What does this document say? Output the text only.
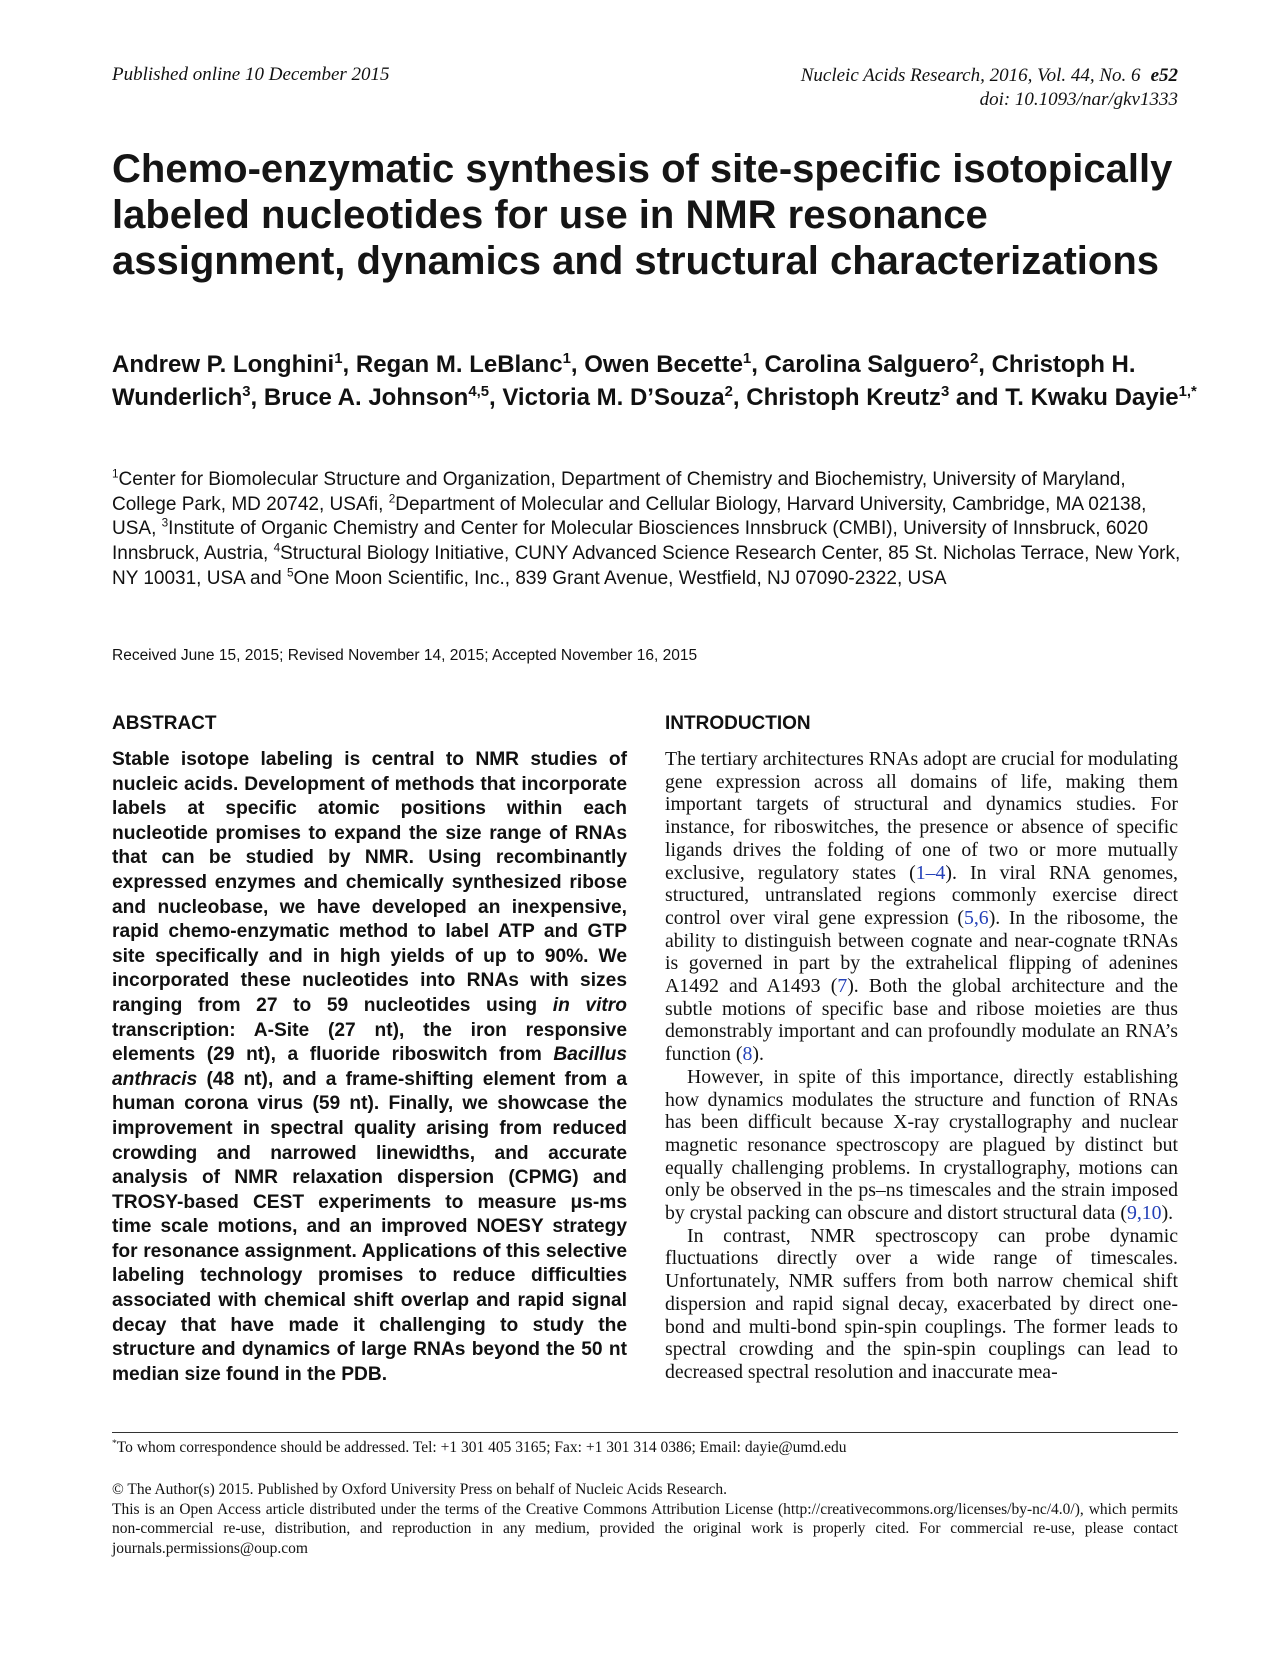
Published online 10 December 2015	Nucleic Acids Research, 2016, Vol. 44, No. 6 e52
doi: 10.1093/nar/gkv1333
Chemo-enzymatic synthesis of site-specific isotopically labeled nucleotides for use in NMR resonance assignment, dynamics and structural characterizations
Andrew P. Longhini$^1$, Regan M. LeBlanc$^1$, Owen Becette$^1$, Carolina Salguero$^2$, Christoph H. Wunderlich$^3$, Bruce A. Johnson$^{4,5}$, Victoria M. D’Souza$^2$, Christoph Kreutz$^3$ and T. Kwaku Dayie$^{1,*}$
$^1$Center for Biomolecular Structure and Organization, Department of Chemistry and Biochemistry, University of Maryland, College Park, MD 20742, USAfi, $^2$Department of Molecular and Cellular Biology, Harvard University, Cambridge, MA 02138, USA, $^3$Institute of Organic Chemistry and Center for Molecular Biosciences Innsbruck (CMBI), University of Innsbruck, 6020 Innsbruck, Austria, $^4$Structural Biology Initiative, CUNY Advanced Science Research Center, 85 St. Nicholas Terrace, New York, NY 10031, USA and $^5$One Moon Scientific, Inc., 839 Grant Avenue, Westfield, NJ 07090-2322, USA
Received June 15, 2015; Revised November 14, 2015; Accepted November 16, 2015
ABSTRACT
Stable isotope labeling is central to NMR studies of nucleic acids. Development of methods that incorporate labels at specific atomic positions within each nucleotide promises to expand the size range of RNAs that can be studied by NMR. Using recombinantly expressed enzymes and chemically synthesized ribose and nucleobase, we have developed an inexpensive, rapid chemo-enzymatic method to label ATP and GTP site specifically and in high yields of up to 90%. We incorporated these nucleotides into RNAs with sizes ranging from 27 to 59 nucleotides using in vitro transcription: A-Site (27 nt), the iron responsive elements (29 nt), a fluoride riboswitch from Bacillus anthracis (48 nt), and a frame-shifting element from a human corona virus (59 nt). Finally, we showcase the improvement in spectral quality arising from reduced crowding and narrowed linewidths, and accurate analysis of NMR relaxation dispersion (CPMG) and TROSY-based CEST experiments to measure μs-ms time scale motions, and an improved NOESY strategy for resonance assignment. Applications of this selective labeling technology promises to reduce difficulties associated with chemical shift overlap and rapid signal decay that have made it challenging to study the structure and dynamics of large RNAs beyond the 50 nt median size found in the PDB.
INTRODUCTION

The tertiary architectures RNAs adopt are crucial for modulating gene expression across all domains of life, making them important targets of structural and dynamics studies. For instance, for riboswitches, the presence or absence of specific ligands drives the folding of one of two or more mutually exclusive, regulatory states (1–4). In viral RNA genomes, structured, untranslated regions commonly exercise direct control over viral gene expression (5,6). In the ribosome, the ability to distinguish between cognate and near-cognate tRNAs is governed in part by the extrahelical flipping of adenines A1492 and A1493 (7). Both the global architecture and the subtle motions of specific base and ribose moieties are thus demonstrably important and can profoundly modulate an RNA’s function (8).

However, in spite of this importance, directly establishing how dynamics modulates the structure and function of RNAs has been difficult because X-ray crystallography and nuclear magnetic resonance spectroscopy are plagued by distinct but equally challenging problems. In crystallography, motions can only be observed in the ps–ns timescales and the strain imposed by crystal packing can obscure and distort structural data (9,10).

In contrast, NMR spectroscopy can probe dynamic fluctuations directly over a wide range of timescales. Unfortunately, NMR suffers from both narrow chemical shift dispersion and rapid signal decay, exacerbated by direct one-bond and multi-bond spin-spin couplings. The former leads to spectral crowding and the spin-spin couplings can lead to decreased spectral resolution and inaccurate mea-

*To whom correspondence should be addressed. Tel: +1 301 405 3165; Fax: +1 301 314 0386; Email: dayie@umd.edu
© The Author(s) 2015. Published by Oxford University Press on behalf of Nucleic Acids Research.
This is an Open Access article distributed under the terms of the Creative Commons Attribution License (http://creativecommons.org/licenses/by-nc/4.0/), which permits non-commercial re-use, distribution, and reproduction in any medium, provided the original work is properly cited. For commercial re-use, please contact journals.permissions@oup.com
